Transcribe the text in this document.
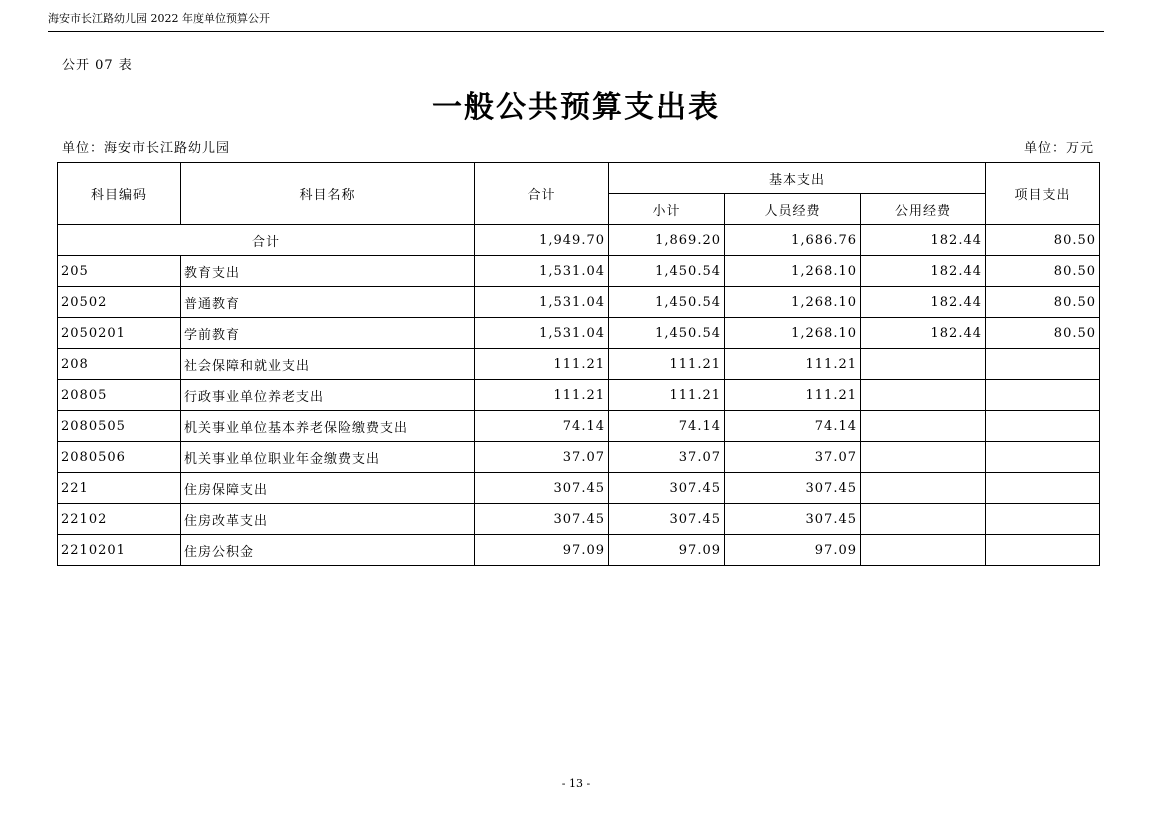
海安市长江路幼儿园 2022 年度单位预算公开
公开 07 表
一般公共预算支出表
单位：海安市长江路幼儿园	单位：万元
科目编码	科目名称	合计	基本支出			项目支出
			小计	人员经费	公用经费	
合计		1,949.70	1,869.20	1,686.76	182.44	80.50
205	教育支出	1,531.04	1,450.54	1,268.10	182.44	80.50
20502	普通教育	1,531.04	1,450.54	1,268.10	182.44	80.50
2050201	学前教育	1,531.04	1,450.54	1,268.10	182.44	80.50
208	社会保障和就业支出	111.21	111.21	111.21		
20805	行政事业单位养老支出	111.21	111.21	111.21		
2080505	机关事业单位基本养老保险缴费支出	74.14	74.14	74.14		
2080506	机关事业单位职业年金缴费支出	37.07	37.07	37.07		
221	住房保障支出	307.45	307.45	307.45		
22102	住房改革支出	307.45	307.45	307.45		
2210201	住房公积金	97.09	97.09	97.09		
- 13 -
